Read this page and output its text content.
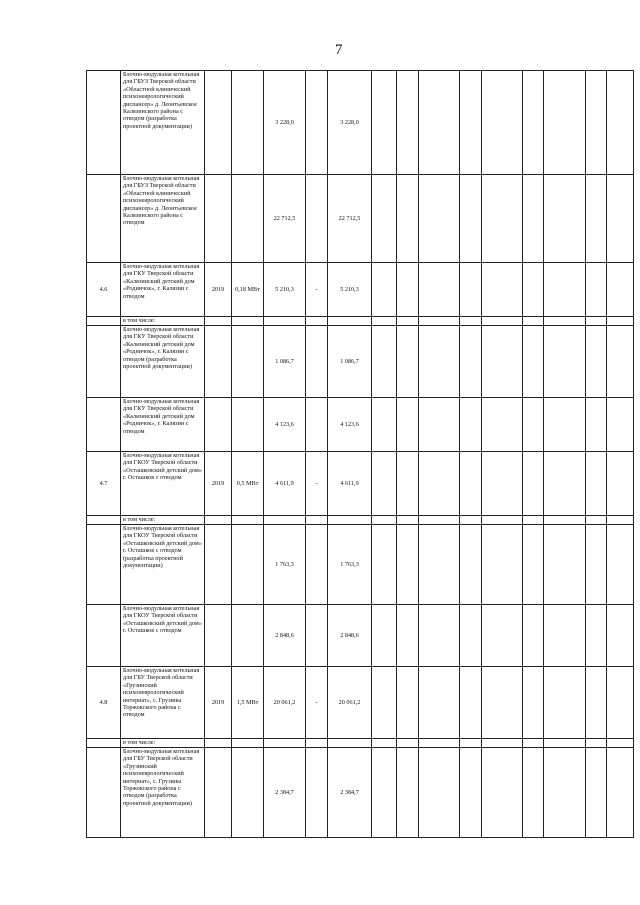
7
	Блочно-модульная котельная для ГБУЗ Тверской области «Областной клинический психоневрологический диспансер» д. Леонтьевское Калязинского района с отводом (разработка проектной документации)			3 228,0		3 228,0									
	Блочно-модульная котельная для ГБУЗ Тверской области «Областной клинический психоневрологический диспансер» д. Леонтьевское Калязинского района с отводом			22 712,5		22 712,5									
4.6	Блочно-модульная котельная для ГКУ Тверской области «Калязинский детский дом «Родничок», г. Калязин с отводом	2019	0,18 МВт	5 210,3	-	5 210,3									
	в том числе:														
	Блочно-модульная котельная для ГКУ Тверской области «Калязинский детский дом «Родничок», г. Калязин с отводом (разработка проектной документации)			1 086,7		1 086,7									
	Блочно-модульная котельная для ГКУ Тверской области «Калязинский детский дом «Родничок», г. Калязин с отводом			4 123,6		4 123,6									
4.7	Блочно-модульная котельная для ГКОУ Тверской области «Осташковский детский дом» г. Осташков с отводом	2019	0,5 МВт	4 611,9	-	4 611,9									
	в том числе:														
	Блочно-модульная котельная для ГКОУ Тверской области «Осташковский детский дом» г. Осташков с отводом (разработка проектной документации)			1 763,3		1 763,3									
	Блочно-модульная котельная для ГКОУ Тверской области «Осташковский детский дом» г. Осташков с отводом			2 848,6		2 848,6									
4.8	Блочно-модульная котельная для ГБУ Тверской области «Грузинский психоневрологический интернат», с. Грузины Торжокского района с отводом	2019	1,5 МВт	20 061,2	-	20 061,2									
	в том числе:														
	Блочно-модульная котельная для ГБУ Тверской области «Грузинский психоневрологический интернат», с. Грузины Торжокского района с отводом (разработка проектной документации)			2 384,7		2 384,7									
